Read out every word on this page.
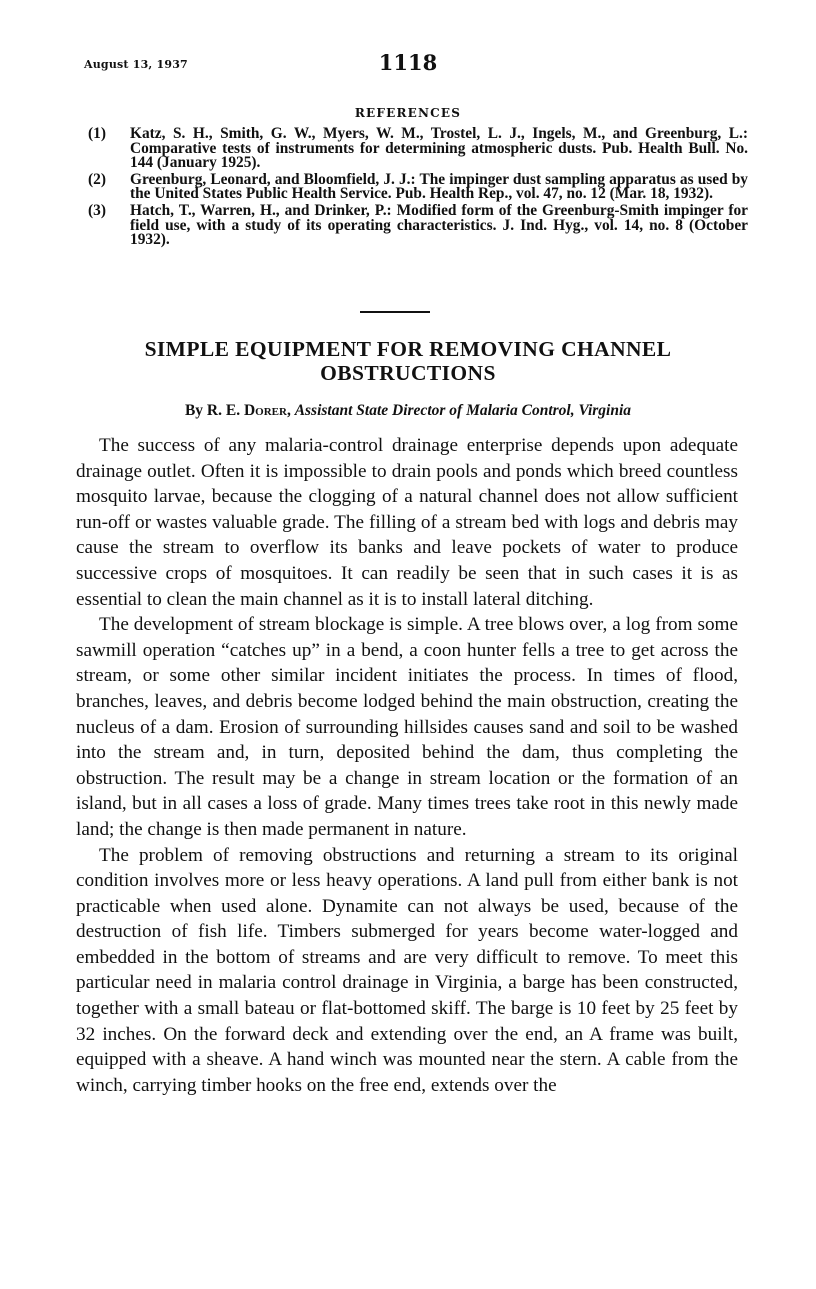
August 13, 1937	1118
REFERENCES
(1)	Katz, S. H., Smith, G. W., Myers, W. M., Trostel, L. J., Ingels, M., and Greenburg, L.: Comparative tests of instruments for determining atmospheric dusts. Pub. Health Bull. No. 144 (January 1925).
(2)	Greenburg, Leonard, and Bloomfield, J. J.: The impinger dust sampling apparatus as used by the United States Public Health Service. Pub. Health Rep., vol. 47, no. 12 (Mar. 18, 1932).
(3)	Hatch, T., Warren, H., and Drinker, P.: Modified form of the Greenburg-Smith impinger for field use, with a study of its operating characteristics. J. Ind. Hyg., vol. 14, no. 8 (October 1932).
SIMPLE EQUIPMENT FOR REMOVING CHANNEL
OBSTRUCTIONS
By R. E. Dorer, Assistant State Director of Malaria Control, Virginia

The success of any malaria-control drainage enterprise depends upon adequate drainage outlet. Often it is impossible to drain pools and ponds which breed countless mosquito larvae, because the clogging of a natural channel does not allow sufficient run-off or wastes valuable grade. The filling of a stream bed with logs and debris may cause the stream to overflow its banks and leave pockets of water to produce successive crops of mosquitoes. It can readily be seen that in such cases it is as essential to clean the main channel as it is to install lateral ditching.

The development of stream blockage is simple. A tree blows over, a log from some sawmill operation “catches up” in a bend, a coon hunter fells a tree to get across the stream, or some other similar incident initiates the process. In times of flood, branches, leaves, and debris become lodged behind the main obstruction, creating the nucleus of a dam. Erosion of surrounding hillsides causes sand and soil to be washed into the stream and, in turn, deposited behind the dam, thus completing the obstruction. The result may be a change in stream location or the formation of an island, but in all cases a loss of grade. Many times trees take root in this newly made land; the change is then made permanent in nature.

The problem of removing obstructions and returning a stream to its original condition involves more or less heavy operations. A land pull from either bank is not practicable when used alone. Dynamite can not always be used, because of the destruction of fish life. Timbers submerged for years become water-logged and embedded in the bottom of streams and are very difficult to remove. To meet this particular need in malaria control drainage in Virginia, a barge has been constructed, together with a small bateau or flat-bottomed skiff. The barge is 10 feet by 25 feet by 32 inches. On the forward deck and extending over the end, an A frame was built, equipped with a sheave. A hand winch was mounted near the stern. A cable from the winch, carrying timber hooks on the free end, extends over the
